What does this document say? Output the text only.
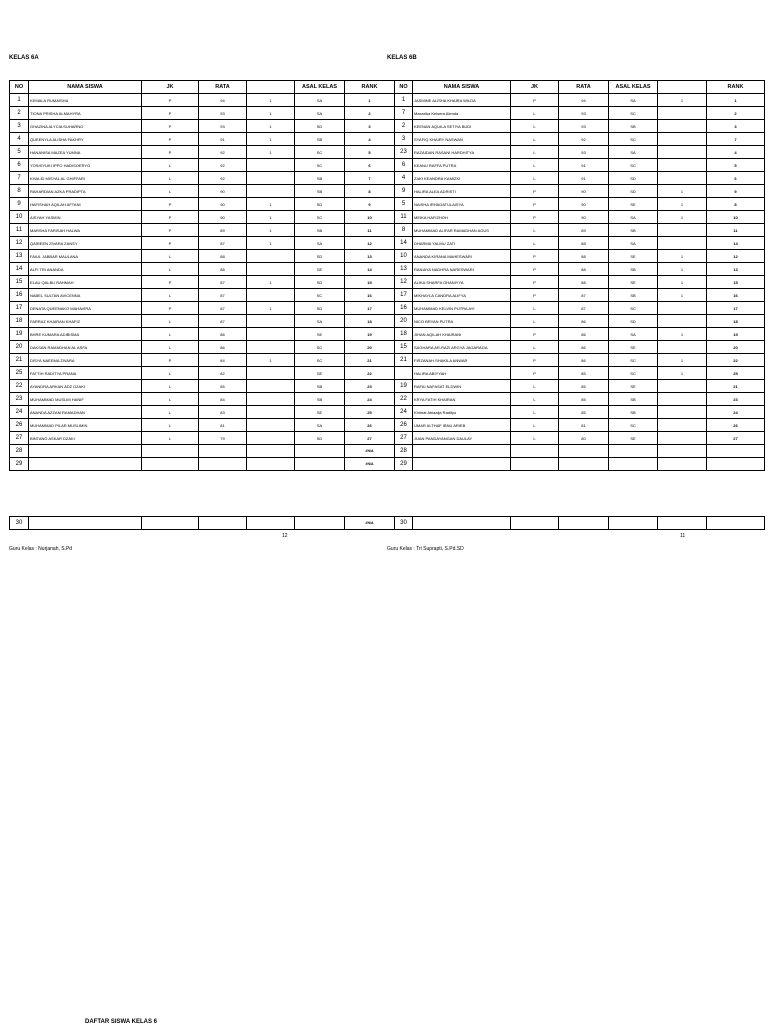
KELAS 6A	KELAS 6B
NO	NAMA SISWA	JK	RATA		ASAL KELAS	RANK	NO	NAMA SISWA	JK	RATA	ASAL KELAS		RANK
1	KEMALA RUMAISHA	P	94	1	SA	1	1	JASMINE ALISHA KHAIRA WILDA	P	94	SA	1	1
2	TIONA PRISHA ALMAHYRA	P	93	1	SA	2	7	Maxarika Keisera Alenda	L	93	SC		2
3	GHAZINA ALYCIA SUHARNO	P	93	1	SD	3	2	KEENAN AQUILA SETIYA BUDI	L	93	SB		3
4	QUEENYLA ALISHA FAKHRY	P	91	1	SB	4	3	SYAFIQ KHAIRY NASWAN	L	92	SC		7
5	HANANISA MAZEA YUMNA	P	92	1	SC	5	23	RAZAIDAN RASANI HARDHITYA	L	93	SA		4
6	YOSHIYUKI IPPO HADISOERYO	L	92		SC	6	6	KEANU RAFFA PUTRA	L	91	SC		5
7	KHALID MISYAL AL GHIFFARI	L	92		SB	7	4	ZAKI KEANDRA KAMIZKI	L	91	SD		6
8	RAHARDIAN AZKA PRADIPTA	L	90		SB	8	9	HALIRA ALEA ADRISTI	P	90	SD	1	9
9	HAFISHAH AQILAH AFTANI	P	90	1	SD	9	5	NAISHA IRHADATULAISYA	P	90	SE	1	8
10	AISYAH YASMIN	P	90	1	SC	10	11	MEIKA HAFIZHOH	P	90	SA	1	10
11	MARSHA FARISAH HALWA	P	89	1	SB	11	8	MUHAMMAD ALIFAR RAMADHAN AGUS	L	89	SB		11
12	QAIREEN ZIVARA ZANSY	P	87	1	SA	12	14	DHARMA YALMU ZATI	L	88	SA		14
13	FAIUL JABBAR MAULANA	L	88		SD	13	10	ANANDA KIRANA MAHESWARI	P	88	SE	1	12
14	ALFI TRI ANANDA	L	88		SE	14	13	RANIAYA NADHRA NARESWARI	P	88	SB	1	13
15	ELAU QALBU RAHMAH	P	87	1	SD	15	12	ALIKA SHARFA GHANIYYA	P	88	SE	1	15
16	NABEL SULTAN AVICENNA	L	87		SC	16	17	MIKHAYLA CANDRA ALIFYA	P	87	SB	1	16
17	DENATA QUEENAKO MAHAVIRA	P	87	1	SD	17	16	MUHAMMAD KELVIN PUTRA AYI	L	87	SC		17
18	FARRAZ KHAIRAN KHAFIZ	L	87		SA	18	20	NICO BRYAN PUTRA	L	86	SD		18
19	BHRE KUMARA ADIBISMA	L	86		SE	19	18	JIHAN AQILAH KHAIRANI	P	86	SA	1	19
20	DAKSAN RAMADHAN AL ASFA	L	86		SC	20	15	SAGHARA AR-RAZI ARGYA JAGARAGA	L	86	SE		20
21	DISYA NAEEMA ZIVARA	P	84	1	SC	21	21	FIRZANAH SHAKILA ANWAR	P	86	SC	1	22
25	FATTIH RADITYA PRANA	L	82		SE	22		HALIRA ABIYYAH	P	85	SC	1	25
22	AYANDRA ARKAN ADZ DZAKI	L	85		SB	23	19	RAFAI NAFASAT ELDWIN	L	85	SE		21
23	MUHAMMAD MUSLIM HANIF	L	84		SB	24	22	KRYA FATIH KHAIRAN	L	85	SB		23
24	ANANDA AZZAM RAMADHAN	L	83		SE	25	24	Khimat Abiaalja Radityo	L	85	SB		24
26	MUHAMMAD PILAR MUSLIMIN	L	81		SA	26	26	UMAR ALTHAF IBNU ARIEB	L	81	SC		26
27	BINTANG ASKAR DZAKI	L	79		SD	27	27	JUAN PANDAYANGAN DAULAY	L	80	SE		27
28						#N/A	28						
29						#N/A	29						
30						#N/A	30						
12	11
Guru Kelas : Nurjanah, S.Pd	Guru Kelas : Tri Suprapti, S.Pd.SD
DAFTAR SISWA KELAS 6
